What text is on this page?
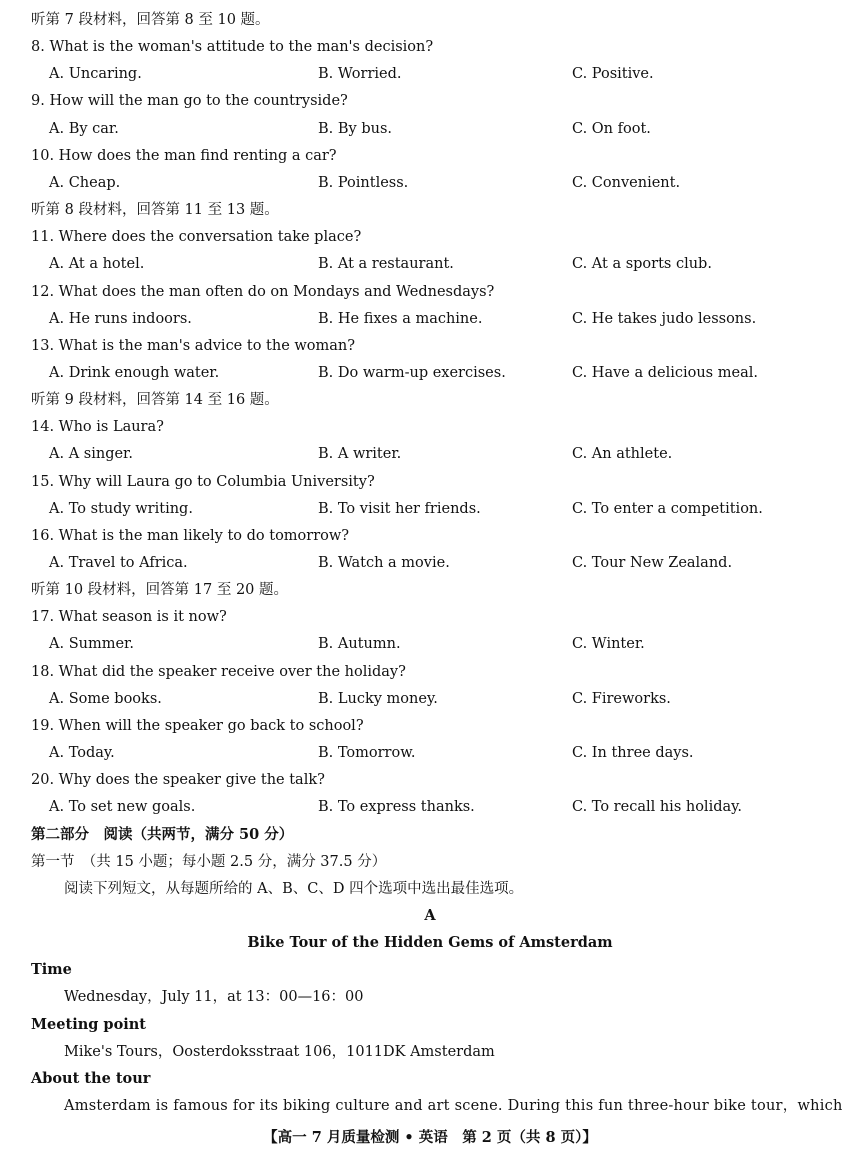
听第 7 段材料，回答第 8 至 10 题。
8. What is the woman's attitude to the man's decision?
A. Uncaring.	B. Worried.	C. Positive.
9. How will the man go to the countryside?
A. By car.	B. By bus.	C. On foot.
10. How does the man find renting a car?
A. Cheap.	B. Pointless.	C. Convenient.
听第 8 段材料，回答第 11 至 13 题。
11. Where does the conversation take place?
A. At a hotel.	B. At a restaurant.	C. At a sports club.
12. What does the man often do on Mondays and Wednesdays?
A. He runs indoors.	B. He fixes a machine.	C. He takes judo lessons.
13. What is the man's advice to the woman?
A. Drink enough water.	B. Do warm-up exercises.	C. Have a delicious meal.
听第 9 段材料，回答第 14 至 16 题。
14. Who is Laura?
A. A singer.	B. A writer.	C. An athlete.
15. Why will Laura go to Columbia University?
A. To study writing.	B. To visit her friends.	C. To enter a competition.
16. What is the man likely to do tomorrow?
A. Travel to Africa.	B. Watch a movie.	C. Tour New Zealand.
听第 10 段材料，回答第 17 至 20 题。
17. What season is it now?
A. Summer.	B. Autumn.	C. Winter.
18. What did the speaker receive over the holiday?
A. Some books.	B. Lucky money.	C. Fireworks.
19. When will the speaker go back to school?
A. Today.	B. Tomorrow.	C. In three days.
20. Why does the speaker give the talk?
A. To set new goals.	B. To express thanks.	C. To recall his holiday.
第二部分　阅读（共两节，满分 50 分）
第一节　（共 15 小题；每小题 2.5 分，满分 37.5 分）
阅读下列短文，从每题所给的 A、B、C、D 四个选项中选出最佳选项。
A
Bike Tour of the Hidden Gems of Amsterdam
Time
Wednesday，July 11，at 13：00—16：00
Meeting point
Mike's Tours，Oosterdoksstraat 106，1011DK Amsterdam
About the tour
Amsterdam is famous for its biking culture and art scene. During this fun three-hour bike tour，which
【高一 7 月质量检测 • 英语　第 2 页（共 8 页）】
